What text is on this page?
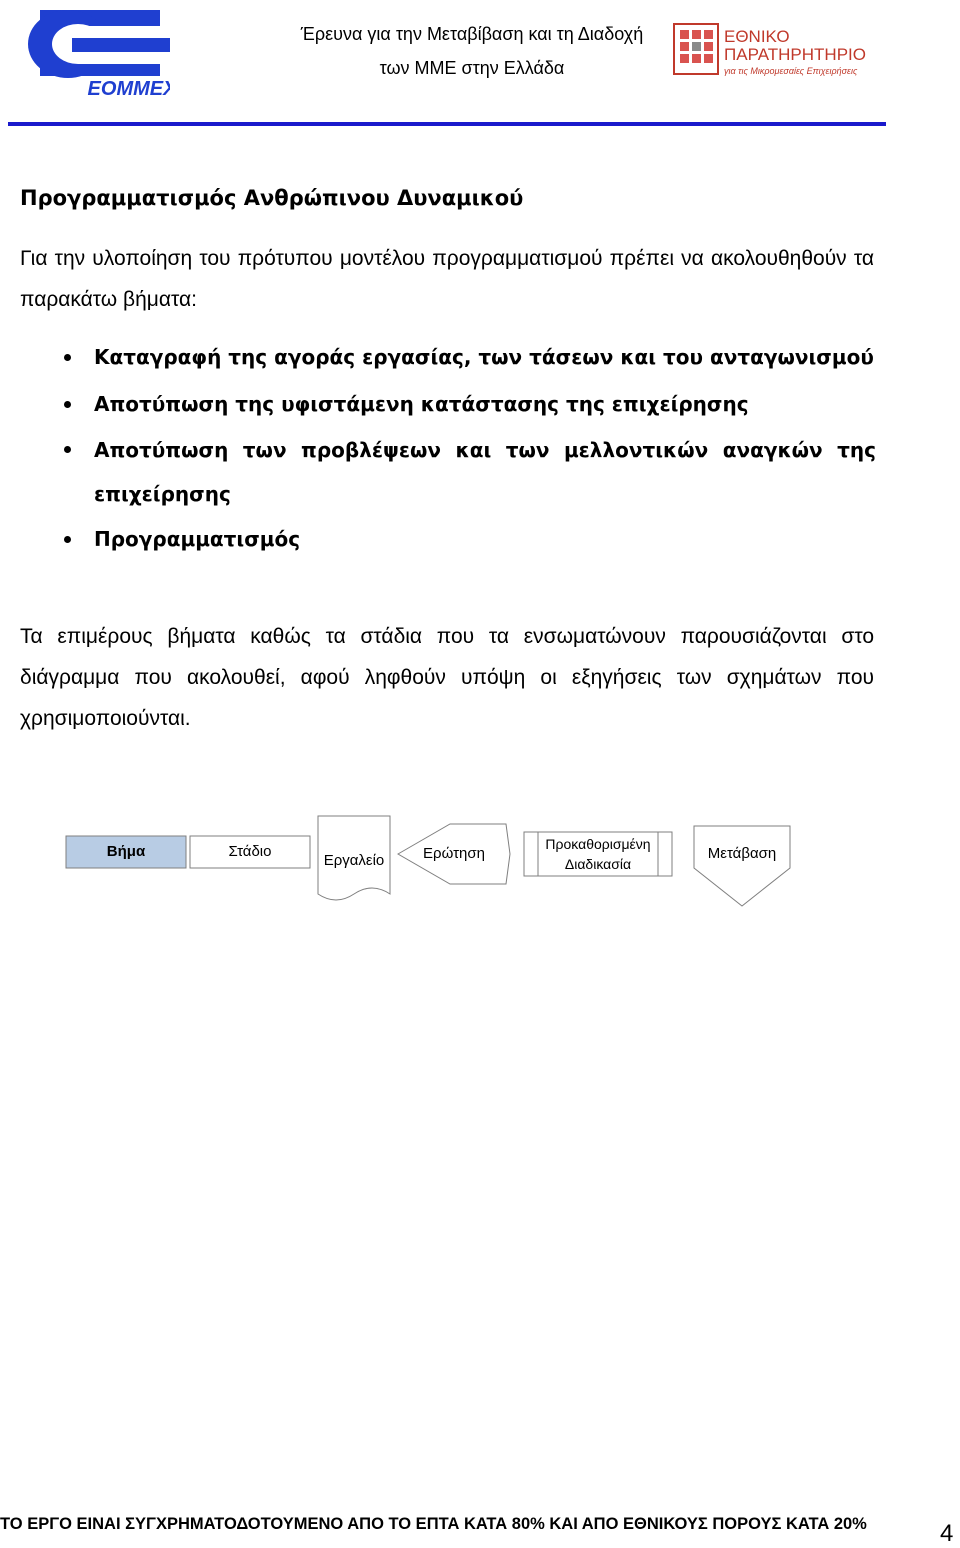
ΕΟΜΜΕΧ
Έρευνα για την Μεταβίβαση και τη Διαδοχή
των ΜΜΕ στην Ελλάδα
ΕΘΝΙΚΟ
ΠΑΡΑΤΗΡΗΤΗΡΙΟ
για τις Μικρομεσαίες Επιχειρήσεις
Προγραμματισμός Ανθρώπινου Δυναμικού
Για την υλοποίηση του πρότυπου μοντέλου προγραμματισμού πρέπει να ακολουθηθούν τα παρακάτω βήματα:
Καταγραφή της αγοράς εργασίας, των τάσεων και του ανταγωνισμού
Αποτύπωση της υφιστάμενη κατάστασης της επιχείρησης
Αποτύπωση των προβλέψεων και των μελλοντικών αναγκών της επιχείρησης
Προγραμματισμός
Τα επιμέρους βήματα καθώς τα στάδια που τα ενσωματώνουν παρουσιάζονται στο διάγραμμα που ακολουθεί, αφού ληφθούν υπόψη οι εξηγήσεις των σχημάτων που χρησιμοποιούνται.
Βήμα	Στάδιο
Εργαλείο	Ερώτηση
Προκαθορισμένη
Διαδικασία
Μετάβαση
ΤΟ ΕΡΓΟ ΕΙΝΑΙ ΣΥΓΧΡΗΜΑΤΟΔΟΤΟΥΜΕΝΟ ΑΠΟ ΤΟ ΕΠΤΑ ΚΑΤΑ 80% ΚΑΙ ΑΠΟ ΕΘΝΙΚΟΥΣ ΠΟΡΟΥΣ ΚΑΤΑ 20%	4
